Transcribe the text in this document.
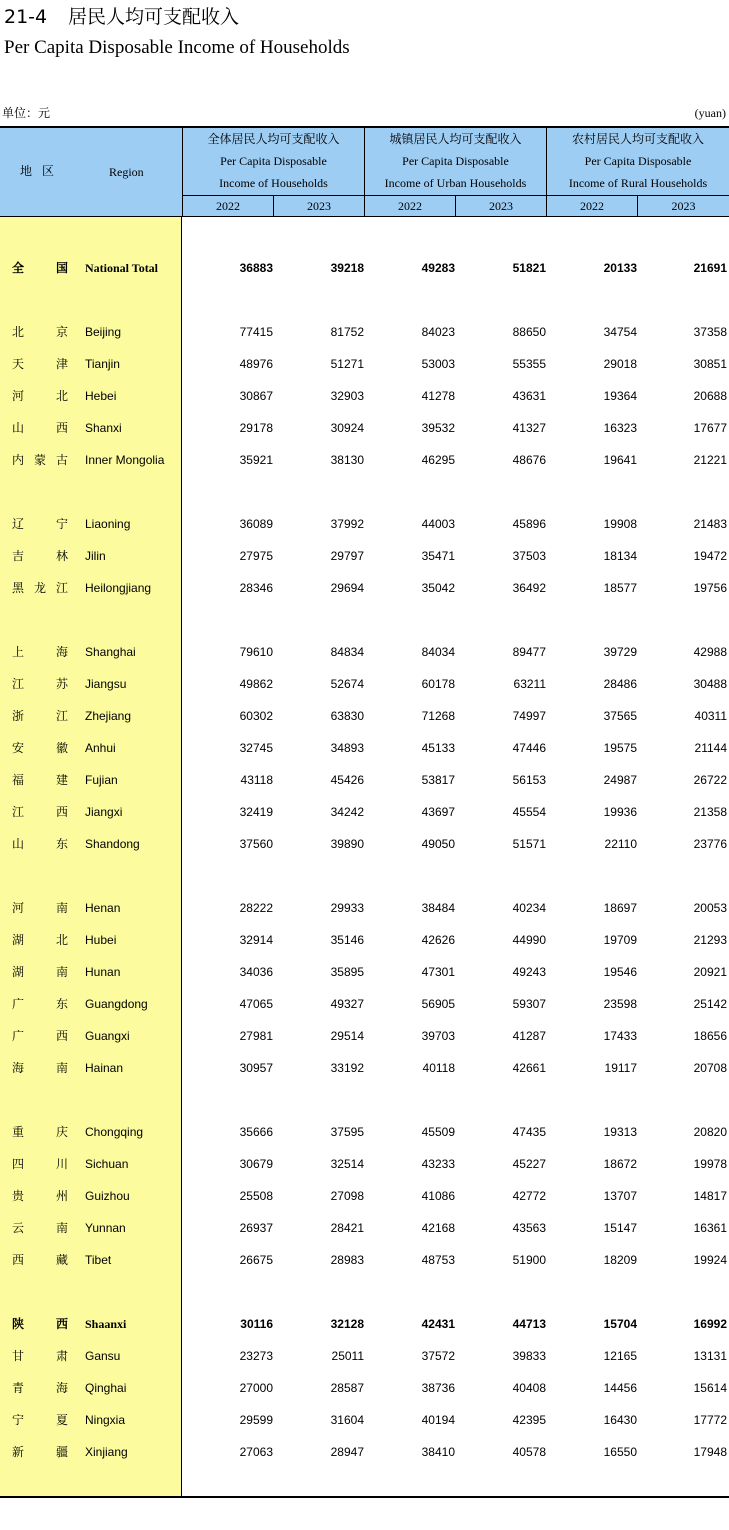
21-4 居民人均可支配收入
Per Capita Disposable Income of Households
单位：元	(yuan)
地区	Region
全体居民人均可支配收入
Per Capita Disposable
Income of Households
城镇居民人均可支配收入
Per Capita Disposable
Income of Urban Households
农村居民人均可支配收入
Per Capita Disposable
Income of Rural Households
2022	2023	2022	2023	2022	2023
全	国 National Total	36883	39218	49283	51821	20133	21691
北	京 Beijing	77415	81752	84023	88650	34754	37358
天	津 Tianjin	48976	51271	53003	55355	29018	30851
河	北 Hebei	30867	32903	41278	43631	19364	20688
山	西 Shanxi	29178	30924	39532	41327	16323	17677
内 蒙 古 Inner Mongolia	35921	38130	46295	48676	19641	21221
辽	宁 Liaoning	36089	37992	44003	45896	19908	21483
吉	林 Jilin	27975	29797	35471	37503	18134	19472
黑 龙 江 Heilongjiang	28346	29694	35042	36492	18577	19756
上	海 Shanghai	79610	84834	84034	89477	39729	42988
江	苏 Jiangsu	49862	52674	60178	63211	28486	30488
浙	江 Zhejiang	60302	63830	71268	74997	37565	40311
安	徽 Anhui	32745	34893	45133	47446	19575	21144
福	建 Fujian	43118	45426	53817	56153	24987	26722
江	西 Jiangxi	32419	34242	43697	45554	19936	21358
山	东 Shandong	37560	39890	49050	51571	22110	23776
河	南 Henan	28222	29933	38484	40234	18697	20053
湖	北 Hubei	32914	35146	42626	44990	19709	21293
湖	南 Hunan	34036	35895	47301	49243	19546	20921
广	东 Guangdong	47065	49327	56905	59307	23598	25142
广	西 Guangxi	27981	29514	39703	41287	17433	18656
海	南 Hainan	30957	33192	40118	42661	19117	20708
重	庆 Chongqing	35666	37595	45509	47435	19313	20820
四	川 Sichuan	30679	32514	43233	45227	18672	19978
贵	州 Guizhou	25508	27098	41086	42772	13707	14817
云	南 Yunnan	26937	28421	42168	43563	15147	16361
西	藏 Tibet	26675	28983	48753	51900	18209	19924
陕	西 Shaanxi	30116	32128	42431	44713	15704	16992
甘	肃 Gansu	23273	25011	37572	39833	12165	13131
青	海 Qinghai	27000	28587	38736	40408	14456	15614
宁	夏 Ningxia	29599	31604	40194	42395	16430	17772
新	疆 Xinjiang	27063	28947	38410	40578	16550	17948
